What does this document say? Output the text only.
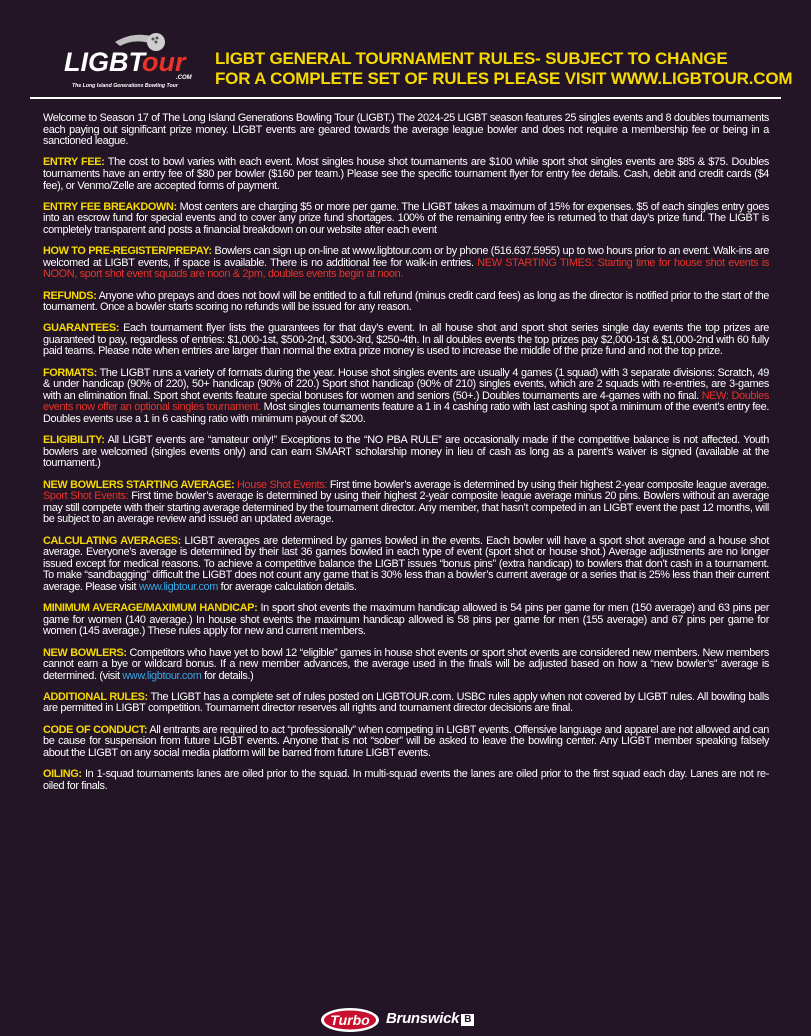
LIGBT
our
.COM
The Long Island Generations Bowling Tour
LIGBT GENERAL TOURNAMENT RULES- SUBJECT TO CHANGE
FOR A COMPLETE SET OF RULES PLEASE VISIT WWW.LIGBTOUR.COM

Welcome to Season 17 of The Long Island Generations Bowling Tour (LIGBT.) The 2024-25 LIGBT season features 25 singles events and 8 doubles tournaments each paying out significant prize money. LIGBT events are geared towards the average league bowler and does not require a membership fee or being in a sanctioned league.

ENTRY FEE: The cost to bowl varies with each event. Most singles house shot tournaments are $100 while sport shot singles events are $85 & $75. Doubles tournaments have an entry fee of $80 per bowler ($160 per team.) Please see the specific tournament flyer for entry fee details. Cash, debit and credit cards ($4 fee), or Venmo/Zelle are accepted forms of payment.

ENTRY FEE BREAKDOWN: Most centers are charging $5 or more per game. The LIGBT takes a maximum of 15% for expenses. $5 of each singles entry goes into an escrow fund for special events and to cover any prize fund shortages. 100% of the remaining entry fee is returned to that day’s prize fund. The LIGBT is completely transparent and posts a financial breakdown on our website after each event

HOW TO PRE-REGISTER/PREPAY: Bowlers can sign up on-line at www.ligbtour.com or by phone (516.637.5955) up to two hours prior to an event. Walk-ins are welcomed at LIGBT events, if space is available. There is no additional fee for walk-in entries. NEW STARTING TIMES: Starting time for house shot events is NOON, sport shot event squads are noon & 2pm, doubles events begin at noon.

REFUNDS: Anyone who prepays and does not bowl will be entitled to a full refund (minus credit card fees) as long as the director is notified prior to the start of the tournament. Once a bowler starts scoring no refunds will be issued for any reason.

GUARANTEES: Each tournament flyer lists the guarantees for that day’s event. In all house shot and sport shot series single day events the top prizes are guaranteed to pay, regardless of entries: $1,000-1st, $500-2nd, $300-3rd, $250-4th. In all doubles events the top prizes pay $2,000-1st & $1,000-2nd with 60 fully paid teams. Please note when entries are larger than normal the extra prize money is used to increase the middle of the prize fund and not the top prize.

FORMATS: The LIGBT runs a variety of formats during the year. House shot singles events are usually 4 games (1 squad) with 3 separate divisions: Scratch, 49 & under handicap (90% of 220), 50+ handicap (90% of 220.) Sport shot handicap (90% of 210) singles events, which are 2 squads with re-entries, are 3-games with an elimination final. Sport shot events feature special bonuses for women and seniors (50+.) Doubles tournaments are 4-games with no final. NEW: Doubles events now offer an optional singles tournament. Most singles tournaments feature a 1 in 4 cashing ratio with last cashing spot a minimum of the event’s entry fee. Doubles events use a 1 in 6 cashing ratio with minimum payout of $200.

ELIGIBILITY: All LIGBT events are “amateur only!” Exceptions to the “NO PBA RULE” are occasionally made if the competitive balance is not affected. Youth bowlers are welcomed (singles events only) and can earn SMART scholarship money in lieu of cash as long as a parent’s waiver is signed (available at the tournament.)

NEW BOWLERS STARTING AVERAGE: House Shot Events: First time bowler’s average is determined by using their highest 2-year composite league average. Sport Shot Events: First time bowler’s average is determined by using their highest 2-year composite league average minus 20 pins. Bowlers without an average may still compete with their starting average determined by the tournament director. Any member, that hasn’t competed in an LIGBT event the past 12 months, will be subject to an average review and issued an updated average.

CALCULATING AVERAGES: LIGBT averages are determined by games bowled in the events. Each bowler will have a sport shot average and a house shot average. Everyone’s average is determined by their last 36 games bowled in each type of event (sport shot or house shot.) Average adjustments are no longer issued except for medical reasons. To achieve a competitive balance the LIGBT issues “bonus pins” (extra handicap) to bowlers that don’t cash in a tournament. To make “sandbagging” difficult the LIGBT does not count any game that is 30% less than a bowler’s current average or a series that is 25% less than their current average. Please visit www.ligbtour.com for average calculation details.

MINIMUM AVERAGE/MAXIMUM HANDICAP: In sport shot events the maximum handicap allowed is 54 pins per game for men (150 average) and 63 pins per game for women (140 average.) In house shot events the maximum handicap allowed is 58 pins per game for men (155 average) and 67 pins per game for women (145 average.) These rules apply for new and current members.

NEW BOWLERS: Competitors who have yet to bowl 12 “eligible” games in house shot events or sport shot events are considered new members. New members cannot earn a bye or wildcard bonus. If a new member advances, the average used in the finals will be adjusted based on how a “new bowler’s” average is determined. (visit www.ligbtour.com for details.)

ADDITIONAL RULES: The LIGBT has a complete set of rules posted on LIGBTOUR.com. USBC rules apply when not covered by LIGBT rules. All bowling balls are permitted in LIGBT competition. Tournament director reserves all rights and tournament director decisions are final.

CODE OF CONDUCT: All entrants are required to act “professionally” when competing in LIGBT events. Offensive language and apparel are not allowed and can be cause for suspension from future LIGBT events. Anyone that is not “sober” will be asked to leave the bowling center. Any LIGBT member speaking falsely about the LIGBT on any social media platform will be barred from future LIGBT events.

OILING: In 1-squad tournaments lanes are oiled prior to the squad. In multi-squad events the lanes are oiled prior to the first squad each day. Lanes are not re-oiled for finals.

Turbo Brunswick B
